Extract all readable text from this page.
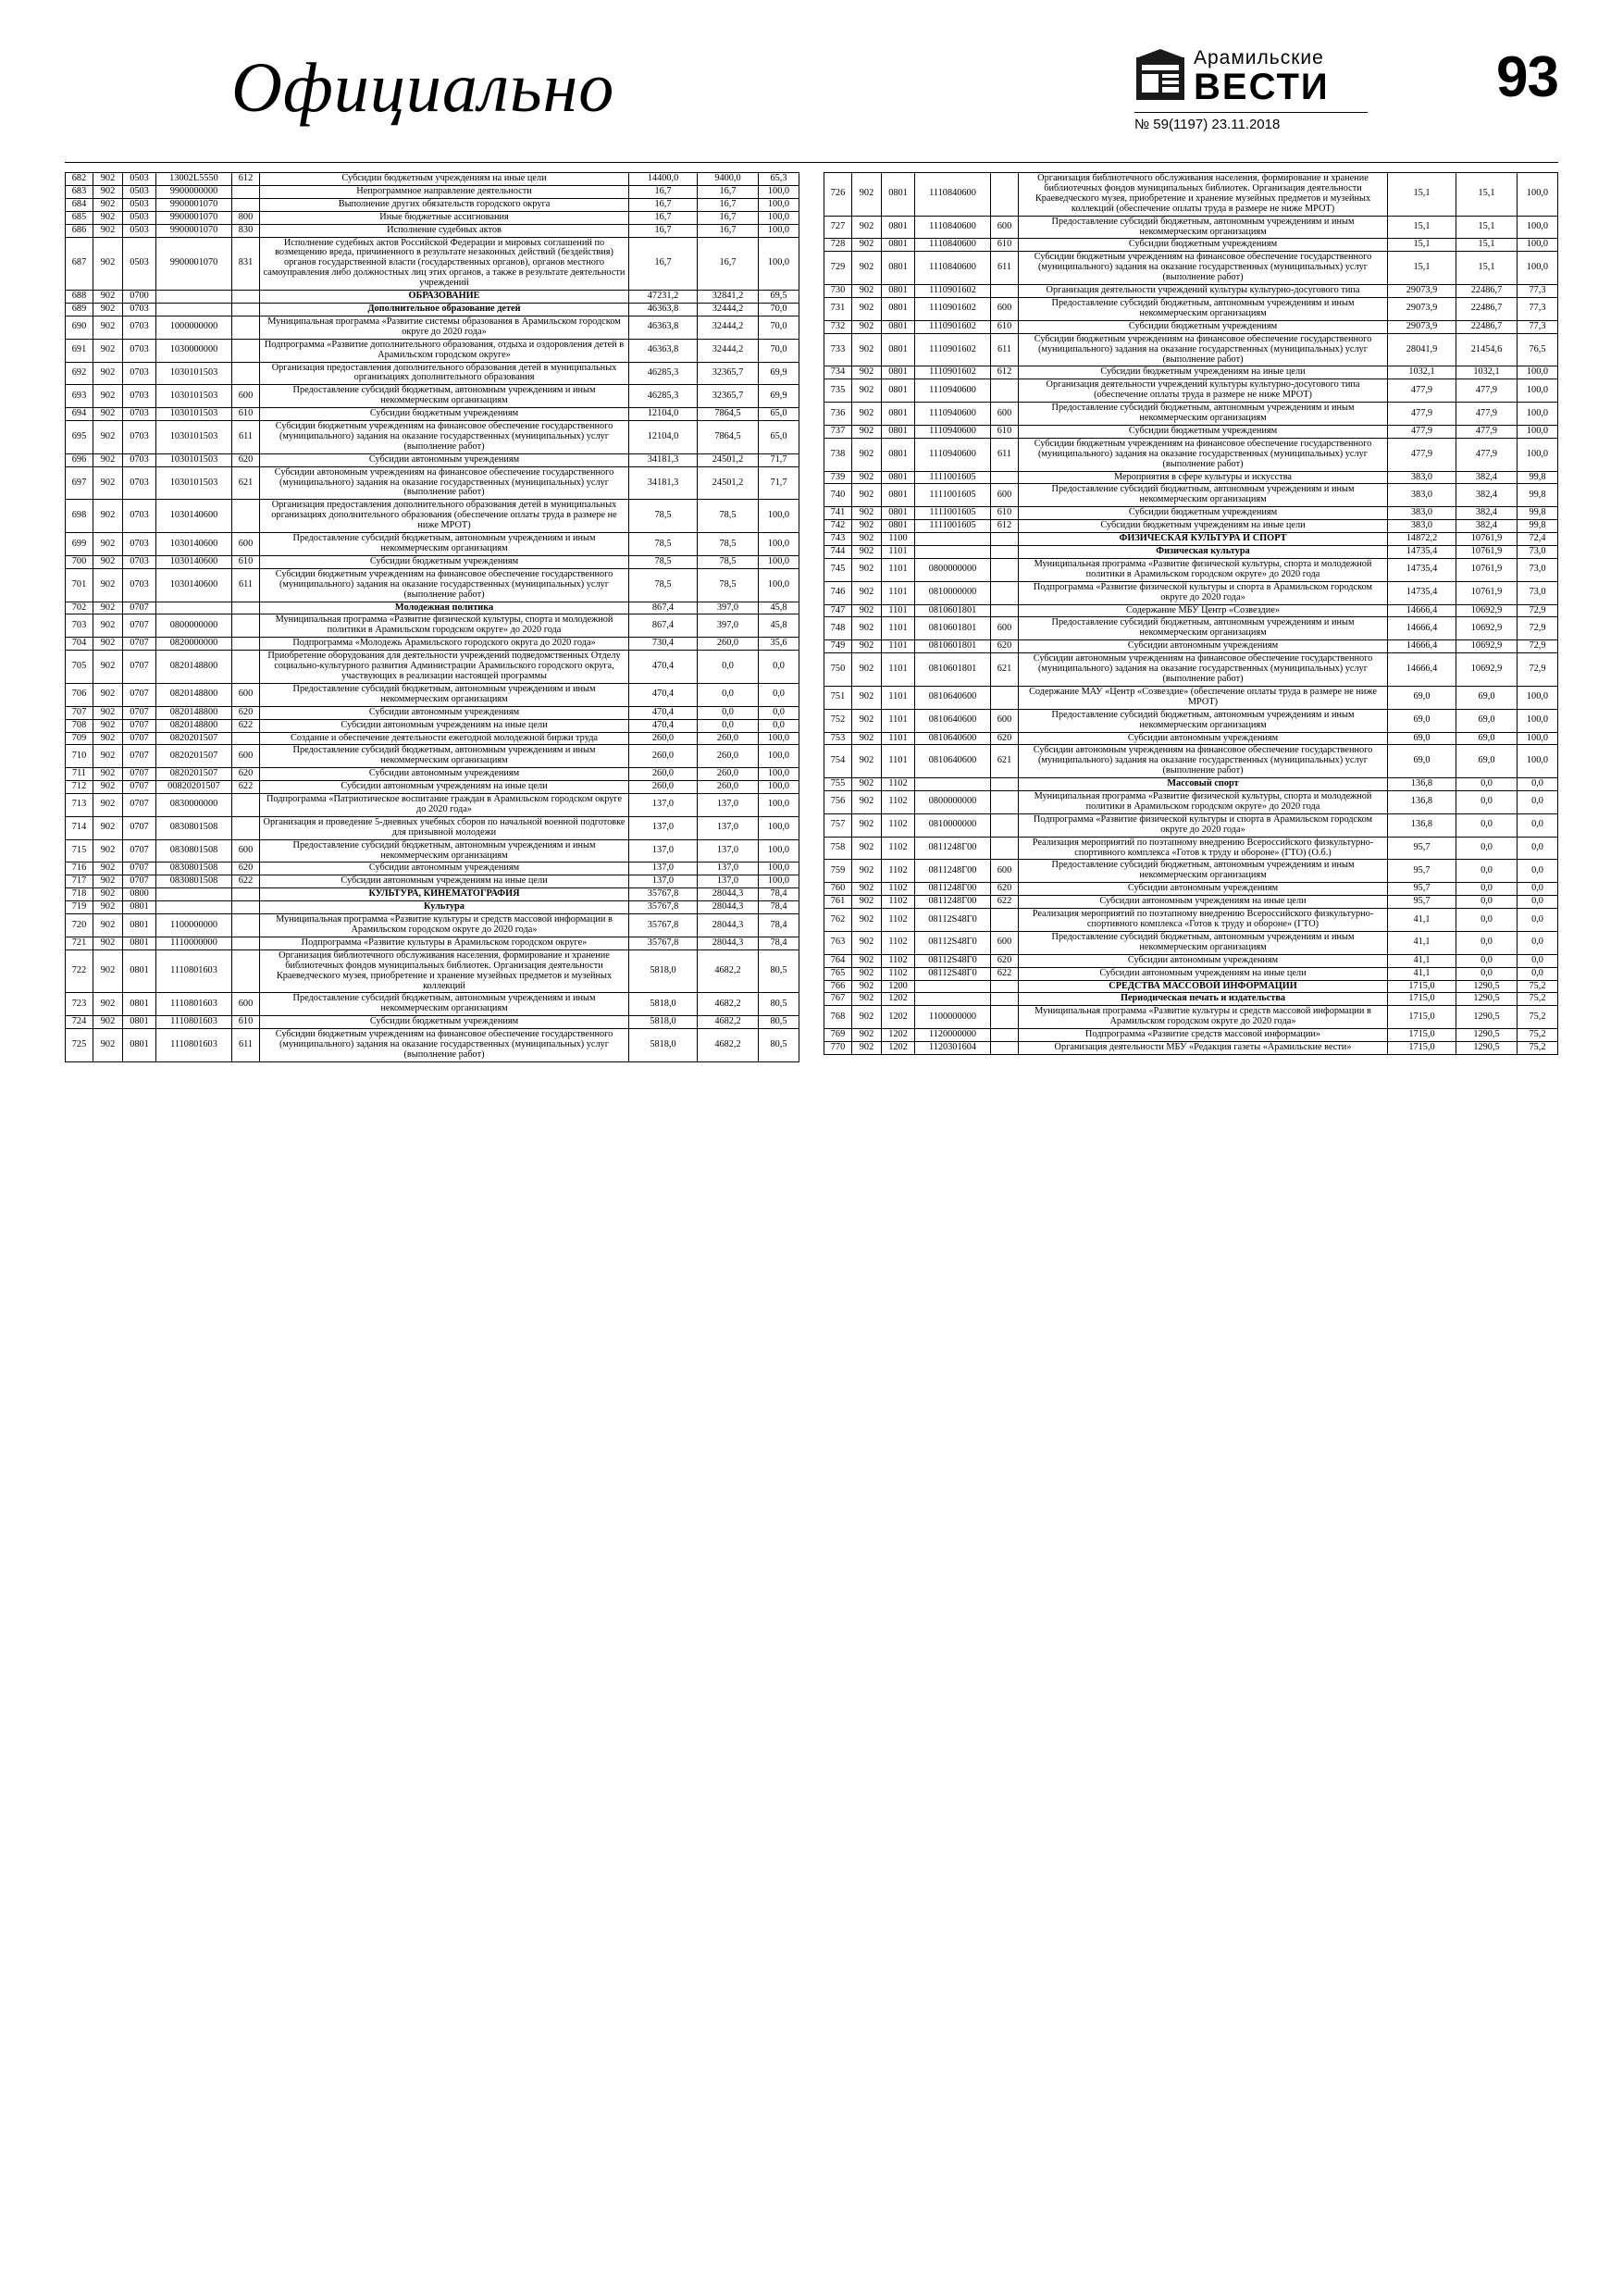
Официально	Арамильские
ВЕСТИ
№ 59(1197) 23.11.2018
93
682	902	0503	13002L5550	612	Субсидии бюджетным учреждениям на иные цели	14400,0	9400,0	65,3
683	902	0503	9900000000		Непрограммное направление деятельности	16,7	16,7	100,0
684	902	0503	9900001070		Выполнение других обязательств городского округа	16,7	16,7	100,0
685	902	0503	9900001070	800	Иные бюджетные ассигнования	16,7	16,7	100,0
686	902	0503	9900001070	830	Исполнение судебных актов	16,7	16,7	100,0
687	902	0503	9900001070	831	Исполнение судебных актов Российской Федерации и мировых соглашений по возмещению вреда, причиненного в результате незаконных действий (бездействия) органов государственной власти (государственных органов), органов местного самоуправления либо должностных лиц этих органов, а также в результате деятельности учреждений	16,7	16,7	100,0
688	902	0700			ОБРАЗОВАНИЕ	47231,2	32841,2	69,5
689	902	0703			Дополнительное образование детей	46363,8	32444,2	70,0
690	902	0703	1000000000		Муниципальная программа «Развитие системы образования в Арамильском городском округе до 2020 года»	46363,8	32444,2	70,0
691	902	0703	1030000000		Подпрограмма «Развитие дополнительного образования, отдыха и оздоровления детей в Арамильском городском округе»	46363,8	32444,2	70,0
692	902	0703	1030101503		Организация предоставления дополнительного образования детей в муниципальных организациях дополнительного образования	46285,3	32365,7	69,9
693	902	0703	1030101503	600	Предоставление субсидий бюджетным, автономным учреждениям и иным некоммерческим организациям	46285,3	32365,7	69,9
694	902	0703	1030101503	610	Субсидии бюджетным учреждениям	12104,0	7864,5	65,0
695	902	0703	1030101503	611	Субсидии бюджетным учреждениям на финансовое обеспечение государственного (муниципального) задания на оказание государственных (муниципальных) услуг (выполнение работ)	12104,0	7864,5	65,0
696	902	0703	1030101503	620	Субсидии автономным учреждениям	34181,3	24501,2	71,7
697	902	0703	1030101503	621	Субсидии автономным учреждениям на финансовое обеспечение государственного (муниципального) задания на оказание государственных (муниципальных) услуг (выполнение работ)	34181,3	24501,2	71,7
698	902	0703	1030140600		Организация предоставления дополнительного образования детей в муниципальных организациях дополнительного образования (обеспечение оплаты труда в размере не ниже МРОТ)	78,5	78,5	100,0
699	902	0703	1030140600	600	Предоставление субсидий бюджетным, автономным учреждениям и иным некоммерческим организациям	78,5	78,5	100,0
700	902	0703	1030140600	610	Субсидии бюджетным учреждениям	78,5	78,5	100,0
701	902	0703	1030140600	611	Субсидии бюджетным учреждениям на финансовое обеспечение государственного (муниципального) задания на оказание государственных (муниципальных) услуг (выполнение работ)	78,5	78,5	100,0
702	902	0707			Молодежная политика	867,4	397,0	45,8
703	902	0707	0800000000		Муниципальная программа «Развитие физической культуры, спорта и молодежной политики в Арамильском городском округе» до 2020 года	867,4	397,0	45,8
704	902	0707	0820000000		Подпрограмма «Молодежь Арамильского городского округа до 2020 года»	730,4	260,0	35,6
705	902	0707	0820148800		Приобретение оборудования для деятельности учреждений подведомственных Отделу социально-культурного развития Администрации Арамильского городского округа, участвующих в реализации настоящей программы	470,4	0,0	0,0
706	902	0707	0820148800	600	Предоставление субсидий бюджетным, автономным учреждениям и иным некоммерческим организациям	470,4	0,0	0,0
707	902	0707	0820148800	620	Субсидии автономным учреждениям	470,4	0,0	0,0
708	902	0707	0820148800	622	Субсидии автономным учреждениям на иные цели	470,4	0,0	0,0
709	902	0707	0820201507		Создание и обеспечение деятельности ежегодной молодежной биржи труда	260,0	260,0	100,0
710	902	0707	0820201507	600	Предоставление субсидий бюджетным, автономным учреждениям и иным некоммерческим организациям	260,0	260,0	100,0
711	902	0707	0820201507	620	Субсидии автономным учреждениям	260,0	260,0	100,0
712	902	0707	00820201507	622	Субсидии автономным учреждениям на иные цели	260,0	260,0	100,0
713	902	0707	0830000000		Подпрограмма «Патриотическое воспитание граждан в Арамильском городском округе до 2020 года»	137,0	137,0	100,0
714	902	0707	0830801508		Организация и проведение 5-дневных учебных сборов по начальной военной подготовке для призывной молодежи	137,0	137,0	100,0
715	902	0707	0830801508	600	Предоставление субсидий бюджетным, автономным учреждениям и иным некоммерческим организациям	137,0	137,0	100,0
716	902	0707	0830801508	620	Субсидии автономным учреждениям	137,0	137,0	100,0
717	902	0707	0830801508	622	Субсидии автономным учреждениям на иные цели	137,0	137,0	100,0
718	902	0800			КУЛЬТУРА, КИНЕМАТОГРАФИЯ	35767,8	28044,3	78,4
719	902	0801			Культура	35767,8	28044,3	78,4
720	902	0801	1100000000		Муниципальная программа «Развитие культуры и средств массовой информации в Арамильском городском округе до 2020 года»	35767,8	28044,3	78,4
721	902	0801	1110000000		Подпрограмма «Развитие культуры в Арамильском городском округе»	35767,8	28044,3	78,4
722	902	0801	1110801603		Организация библиотечного обслуживания населения, формирование и хранение библиотечных фондов муниципальных библиотек. Организация деятельности Краеведческого музея, приобретение и хранение музейных предметов и музейных коллекций	5818,0	4682,2	80,5
723	902	0801	1110801603	600	Предоставление субсидий бюджетным, автономным учреждениям и иным некоммерческим организациям	5818,0	4682,2	80,5
724	902	0801	1110801603	610	Субсидии бюджетным учреждениям	5818,0	4682,2	80,5
725	902	0801	1110801603	611	Субсидии бюджетным учреждениям на финансовое обеспечение государственного (муниципального) задания на оказание государственных (муниципальных) услуг (выполнение работ)	5818,0	4682,2	80,5
726	902	0801	1110840600		Организация библиотечного обслуживания населения, формирование и хранение библиотечных фондов муниципальных библиотек. Организация деятельности Краеведческого музея, приобретение и хранение музейных предметов и музейных коллекций (обеспечение оплаты труда в размере не ниже МРОТ)	15,1	15,1	100,0
727	902	0801	1110840600	600	Предоставление субсидий бюджетным, автономным учреждениям и иным некоммерческим организациям	15,1	15,1	100,0
728	902	0801	1110840600	610	Субсидии бюджетным учреждениям	15,1	15,1	100,0
729	902	0801	1110840600	611	Субсидии бюджетным учреждениям на финансовое обеспечение государственного (муниципального) задания на оказание государственных (муниципальных) услуг (выполнение работ)	15,1	15,1	100,0
730	902	0801	1110901602		Организация деятельности учреждений культуры культурно-досугового типа	29073,9	22486,7	77,3
731	902	0801	1110901602	600	Предоставление субсидий бюджетным, автономным учреждениям и иным некоммерческим организациям	29073,9	22486,7	77,3
732	902	0801	1110901602	610	Субсидии бюджетным учреждениям	29073,9	22486,7	77,3
733	902	0801	1110901602	611	Субсидии бюджетным учреждениям на финансовое обеспечение государственного (муниципального) задания на оказание государственных (муниципальных) услуг (выполнение работ)	28041,9	21454,6	76,5
734	902	0801	1110901602	612	Субсидии бюджетным учреждениям на иные цели	1032,1	1032,1	100,0
735	902	0801	1110940600		Организация деятельности учреждений культуры культурно-досугового типа (обеспечение оплаты труда в размере не ниже МРОТ)	477,9	477,9	100,0
736	902	0801	1110940600	600	Предоставление субсидий бюджетным, автономным учреждениям и иным некоммерческим организациям	477,9	477,9	100,0
737	902	0801	1110940600	610	Субсидии бюджетным учреждениям	477,9	477,9	100,0
738	902	0801	1110940600	611	Субсидии бюджетным учреждениям на финансовое обеспечение государственного (муниципального) задания на оказание государственных (муниципальных) услуг (выполнение работ)	477,9	477,9	100,0
739	902	0801	1111001605		Мероприятия в сфере культуры и искусства	383,0	382,4	99,8
740	902	0801	1111001605	600	Предоставление субсидий бюджетным, автономным учреждениям и иным некоммерческим организациям	383,0	382,4	99,8
741	902	0801	1111001605	610	Субсидии бюджетным учреждениям	383,0	382,4	99,8
742	902	0801	1111001605	612	Субсидии бюджетным учреждениям на иные цели	383,0	382,4	99,8
743	902	1100			ФИЗИЧЕСКАЯ КУЛЬТУРА И СПОРТ	14872,2	10761,9	72,4
744	902	1101			Физическая культура	14735,4	10761,9	73,0
745	902	1101	0800000000		Муниципальная программа «Развитие физической культуры, спорта и молодежной политики в Арамильском городском округе» до 2020 года	14735,4	10761,9	73,0
746	902	1101	0810000000		Подпрограмма «Развитие физической культуры и спорта в Арамильском городском округе до 2020 года»	14735,4	10761,9	73,0
747	902	1101	0810601801		Содержание МБУ Центр «Созвездие»	14666,4	10692,9	72,9
748	902	1101	0810601801	600	Предоставление субсидий бюджетным, автономным учреждениям и иным некоммерческим организациям	14666,4	10692,9	72,9
749	902	1101	0810601801	620	Субсидии автономным учреждениям	14666,4	10692,9	72,9
750	902	1101	0810601801	621	Субсидии автономным учреждениям на финансовое обеспечение государственного (муниципального) задания на оказание государственных (муниципальных) услуг (выполнение работ)	14666,4	10692,9	72,9
751	902	1101	0810640600		Содержание МАУ «Центр «Созвездие» (обеспечение оплаты труда в размере не ниже МРОТ)	69,0	69,0	100,0
752	902	1101	0810640600	600	Предоставление субсидий бюджетным, автономным учреждениям и иным некоммерческим организациям	69,0	69,0	100,0
753	902	1101	0810640600	620	Субсидии автономным учреждениям	69,0	69,0	100,0
754	902	1101	0810640600	621	Субсидии автономным учреждениям на финансовое обеспечение государственного (муниципального) задания на оказание государственных (муниципальных) услуг (выполнение работ)	69,0	69,0	100,0
755	902	1102			Массовый спорт	136,8	0,0	0,0
756	902	1102	0800000000		Муниципальная программа «Развитие физической культуры, спорта и молодежной политики в Арамильском городском округе» до 2020 года	136,8	0,0	0,0
757	902	1102	0810000000		Подпрограмма «Развитие физической культуры и спорта в Арамильском городском округе до 2020 года»	136,8	0,0	0,0
758	902	1102	0811248Г00		Реализация мероприятий по поэтапному внедрению Всероссийского физкультурно-спортивного комплекса «Готов к труду и обороне» (ГТО) (О.б.)	95,7	0,0	0,0
759	902	1102	0811248Г00	600	Предоставление субсидий бюджетным, автономным учреждениям и иным некоммерческим организациям	95,7	0,0	0,0
760	902	1102	0811248Г00	620	Субсидии автономным учреждениям	95,7	0,0	0,0
761	902	1102	0811248Г00	622	Субсидии автономным учреждениям на иные цели	95,7	0,0	0,0
762	902	1102	08112S48Г0		Реализация мероприятий по поэтапному внедрению Всероссийского физкультурно-спортивного комплекса «Готов к труду и обороне» (ГТО)	41,1	0,0	0,0
763	902	1102	08112S48Г0	600	Предоставление субсидий бюджетным, автономным учреждениям и иным некоммерческим организациям	41,1	0,0	0,0
764	902	1102	08112S48Г0	620	Субсидии автономным учреждениям	41,1	0,0	0,0
765	902	1102	08112S48Г0	622	Субсидии автономным учреждениям на иные цели	41,1	0,0	0,0
766	902	1200			СРЕДСТВА МАССОВОЙ ИНФОРМАЦИИ	1715,0	1290,5	75,2
767	902	1202			Периодическая печать и издательства	1715,0	1290,5	75,2
768	902	1202	1100000000		Муниципальная программа «Развитие культуры и средств массовой информации в Арамильском городском округе до 2020 года»	1715,0	1290,5	75,2
769	902	1202	1120000000		Подпрограмма «Развитие средств массовой информации»	1715,0	1290,5	75,2
770	902	1202	1120301604		Организация деятельности МБУ «Редакция газеты «Арамильские вести»	1715,0	1290,5	75,2
